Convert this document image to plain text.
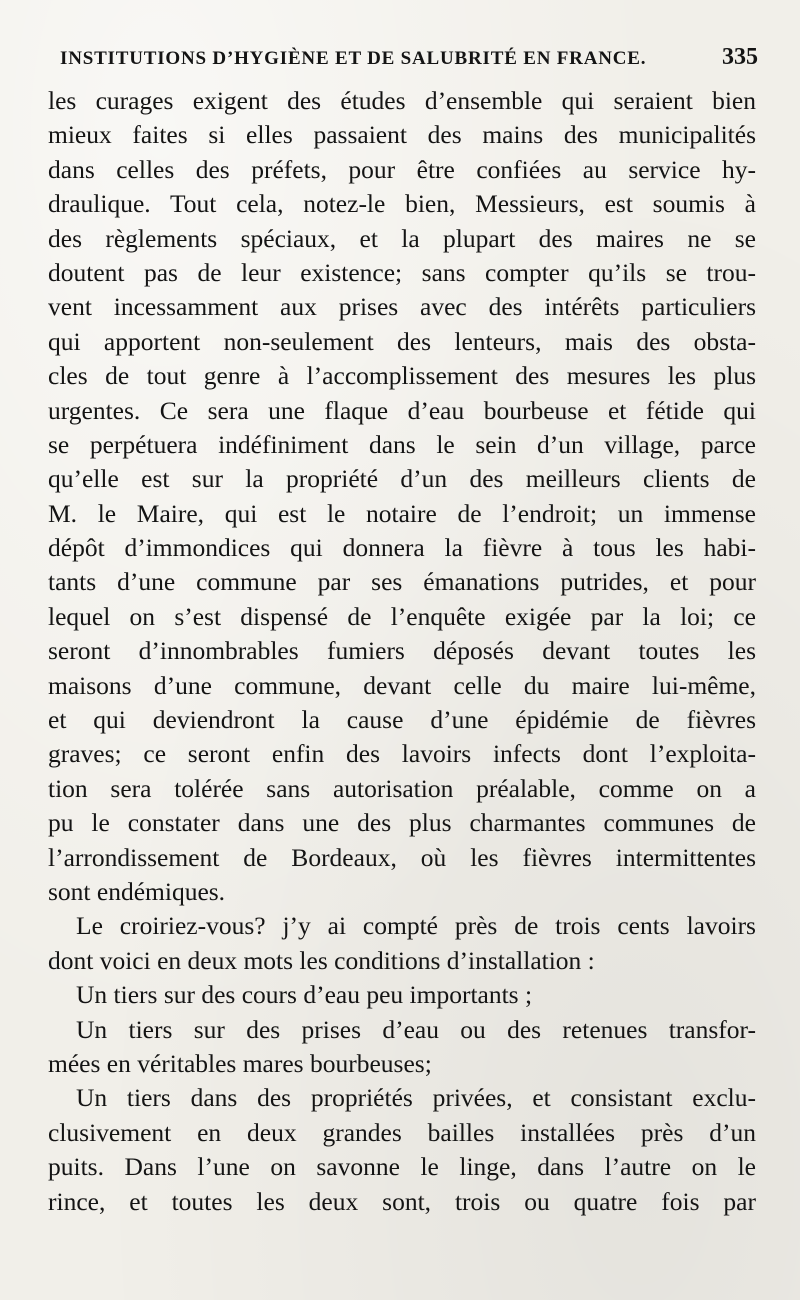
INSTITUTIONS D’HYGIÈNE ET DE SALUBRITÉ EN FRANCE.	335
les curages exigent des études d’ensemble qui seraient bien
mieux faites si elles passaient des mains des municipalités
dans celles des préfets, pour être confiées au service hy-
draulique. Tout cela, notez-le bien, Messieurs, est soumis à
des règlements spéciaux, et la plupart des maires ne se
doutent pas de leur existence; sans compter qu’ils se trou-
vent incessamment aux prises avec des intérêts particuliers
qui apportent non-seulement des lenteurs, mais des obsta-
cles de tout genre à l’accomplissement des mesures les plus
urgentes. Ce sera une flaque d’eau bourbeuse et fétide qui
se perpétuera indéfiniment dans le sein d’un village, parce
qu’elle est sur la propriété d’un des meilleurs clients de
M. le Maire, qui est le notaire de l’endroit; un immense
dépôt d’immondices qui donnera la fièvre à tous les habi-
tants d’une commune par ses émanations putrides, et pour
lequel on s’est dispensé de l’enquête exigée par la loi; ce
seront d’innombrables fumiers déposés devant toutes les
maisons d’une commune, devant celle du maire lui-même,
et qui deviendront la cause d’une épidémie de fièvres
graves; ce seront enfin des lavoirs infects dont l’exploita-
tion sera tolérée sans autorisation préalable, comme on a
pu le constater dans une des plus charmantes communes de
l’arrondissement de Bordeaux, où les fièvres intermittentes
sont endémiques.
Le croiriez-vous? j’y ai compté près de trois cents lavoirs
dont voici en deux mots les conditions d’installation :
Un tiers sur des cours d’eau peu importants ;
Un tiers sur des prises d’eau ou des retenues transfor-
mées en véritables mares bourbeuses;
Un tiers dans des propriétés privées, et consistant exclu-
clusivement en deux grandes bailles installées près d’un
puits. Dans l’une on savonne le linge, dans l’autre on le
rince, et toutes les deux sont, trois ou quatre fois par
